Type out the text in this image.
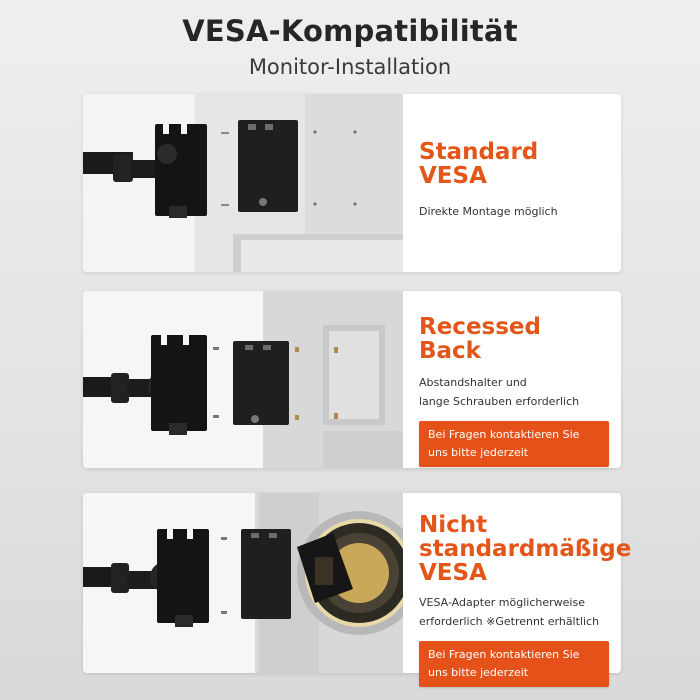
VESA-Kompatibilität
Monitor-Installation
Standard
VESA
Direkte Montage möglich
Recessed
Back
Abstandshalter und
lange Schrauben erforderlich
Bei Fragen kontaktieren Sie
uns bitte jederzeit
Nicht
standardmäßige
VESA
VESA-Adapter möglicherweise
erforderlich ※Getrennt erhältlich
Bei Fragen kontaktieren Sie
uns bitte jederzeit
